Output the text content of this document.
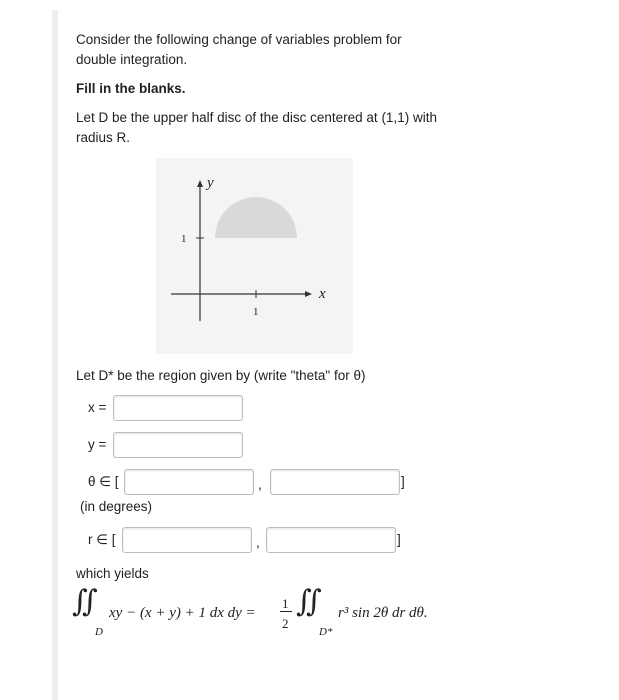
Consider the following change of variables problem for double integration.
Fill in the blanks.
Let D be the upper half disc of the disc centered at (1,1) with radius R.
y
x
1
1
Let D* be the region given by (write "theta" for θ)
x =
y =
θ ∈ [	,	]
(in degrees)
r ∈ [	,	]
which yields
∬
D
xy − (x + y) + 1 dx dy =
1
2
∬
D*
r³ sin 2θ dr dθ.
